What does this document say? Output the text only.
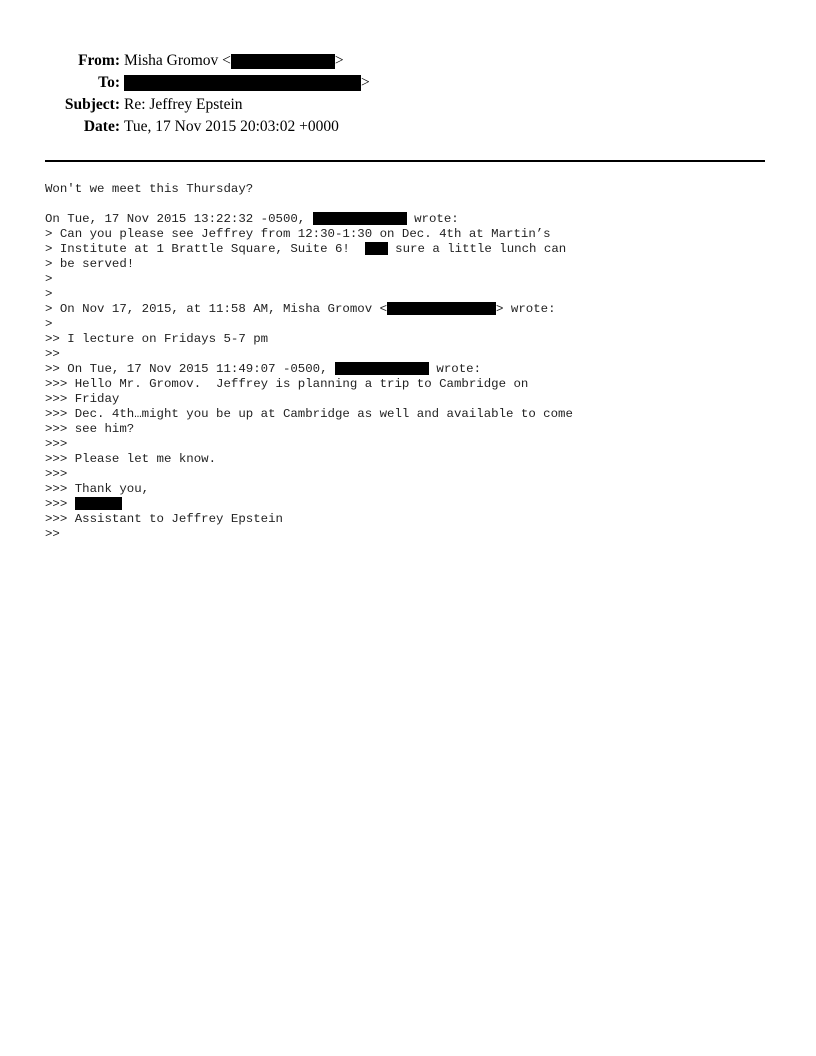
From: Misha Gromov <	>
To:	>
Subject: Re: Jeffrey Epstein
Date: Tue, 17 Nov 2015 20:03:02 +0000
Won't we meet this Thursday?
On Tue, 17 Nov 2015 13:22:32 -0500,	wrote:
> Can you please see Jeffrey from 12:30-1:30 on Dec. 4th at Martin’s
> Institute at 1 Brattle Square, Suite 6!   sure a little lunch can
> be served!
>
>
> On Nov 17, 2015, at 11:58 AM, Misha Gromov <	> wrote:
>
>> I lecture on Fridays 5-7 pm
>>
>> On Tue, 17 Nov 2015 11:49:07 -0500,	wrote:
>>> Hello Mr. Gromov.  Jeffrey is planning a trip to Cambridge on
>>> Friday
>>> Dec. 4th…might you be up at Cambridge as well and available to come
>>> see him?
>>>
>>> Please let me know.
>>>
>>> Thank you,
>>>
>>> Assistant to Jeffrey Epstein
>>
